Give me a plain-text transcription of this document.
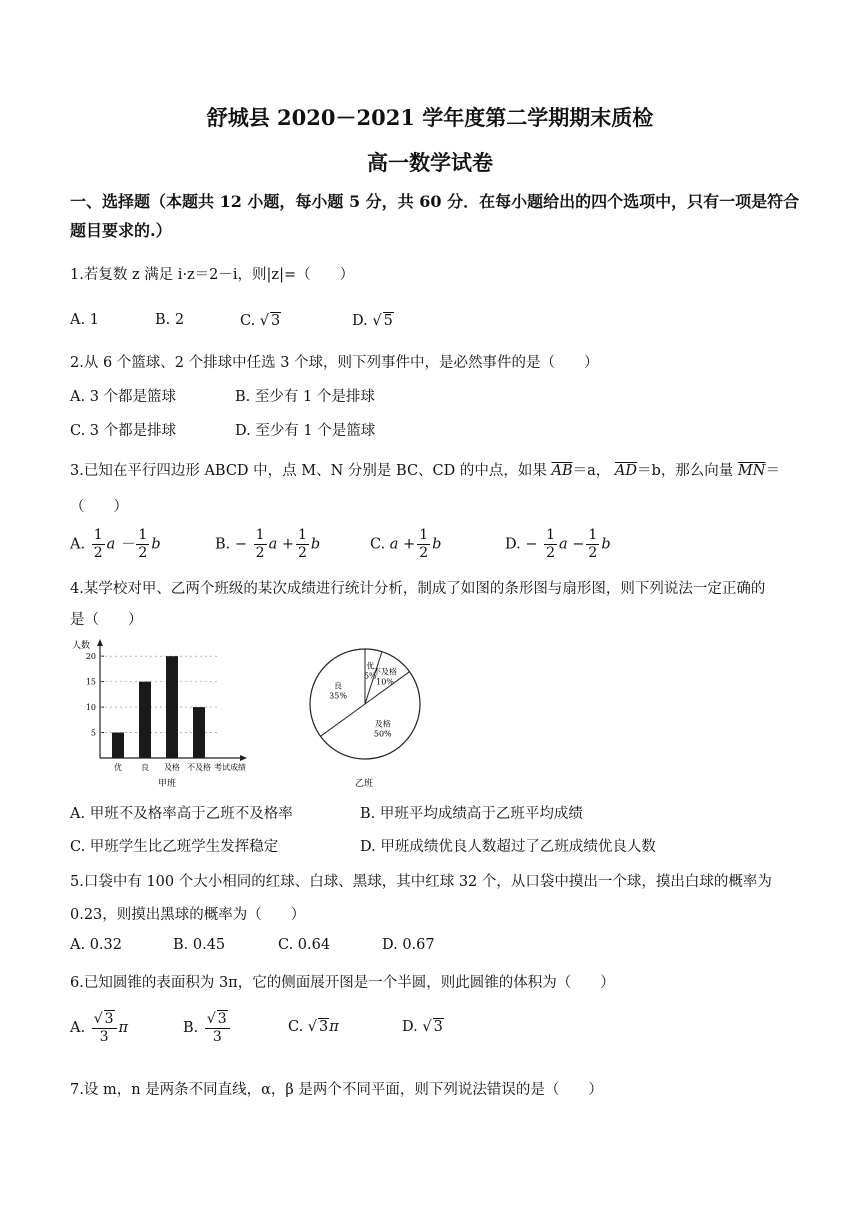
舒城县 2020－2021 学年度第二学期期末质检
高一数学试卷
一、选择题（本题共 12 小题，每小题 5 分，共 60 分．在每小题给出的四个选项中，只有一项是符合题目要求的.）
1.若复数 z 满足 i·z＝2－i，则|z|=（　　）
A. 1	B. 2	C. √ 3	D. √ 5
2.从 6 个篮球、2 个排球中任选 3 个球，则下列事件中，是必然事件的是（　　）
A. 3 个都是篮球	B. 至少有 1 个是排球
C. 3 个都是排球	D. 至少有 1 个是篮球
3.已知在平行四边形 ABCD 中，点 M、N 分别是 BC、CD 的中点，如果 $\overline{AB}=a$， $\overline{AD}=b$，那么向量 $\overline{MN}=$
（　　）
A. $\frac{1}{2}$ $a - \frac{1}{2}$ b	B. − $\frac{1}{2}$ $a + \frac{1}{2}$ b	C. $a + \frac{1}{2}$ b	D. − $\frac{1}{2}$ $a - \frac{1}{2}$ b
4.某学校对甲、乙两个班级的某次成绩进行统计分析，制成了如图的条形图与扇形图，则下列说法一定正确的
是（　　）
人数
5
10
15
20
优 良 及格 不及格 考试成绩
甲班
优
5%
不及格
10%
及格
50%
良
35%
乙班
A. 甲班不及格率高于乙班不及格率	B. 甲班平均成绩高于乙班平均成绩
C. 甲班学生比乙班学生发挥稳定	D. 甲班成绩优良人数超过了乙班成绩优良人数
5.口袋中有 100 个大小相同的红球、白球、黑球，其中红球 32 个，从口袋中摸出一个球，摸出白球的概率为
0.23，则摸出黑球的概率为（　　）
A. 0.32	B. 0.45	C. 0.64	D. 0.67
6.已知圆锥的表面积为 3π，它的侧面展开图是一个半圆，则此圆锥的体积为（　　）
A. $\frac{√ 3}{3}$ π	B. $\frac{√ 3}{3}$	C. √ 3π	D. √ 3
7.设 m，n 是两条不同直线，α，β 是两个不同平面，则下列说法错误的是（　　）
